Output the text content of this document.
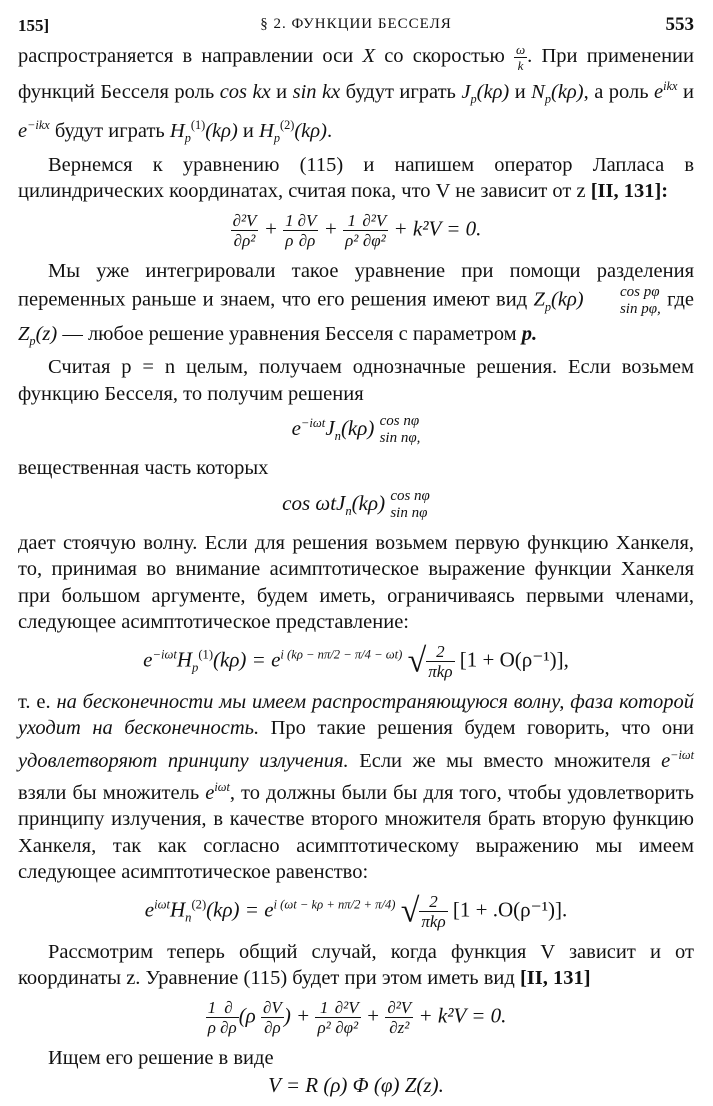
155]	§ 2. ФУНКЦИИ БЕССЕЛЯ	553

распространяется в направлении оси X со скоростью $\frac{\omega}{k}$ . При применении функций Бесселя роль cos kx и sin kx будут играть $J_p(k\rho)$ и $N_p(k\rho)$, а роль $e^{ikx}$ и $e^{-ikx}$ будут играть $H_p^{(1)}(k\rho)$ и $H_p^{(2)}(k\rho)$.

Вернемся к уравнению (115) и напишем оператор Лапласа в цилиндрических координатах, считая пока, что V не зависит от z [II, 131]:

$\frac{\text{∂²V}}{\text{∂ρ²}} + \frac{1}{\rho} \frac{\partial V}{\partial\rho} + \frac{1}{\text{ρ²}} \frac{\text{∂²V}}{\text{∂φ²}} + k^2V = 0$.

Мы уже интегрировали такое уравнение при помощи разделения переменных раньше и знаем, что его решения имеют вид $Z_p(k\rho)$	cos pφ
sin pφ, где $Z_p(z)$ — любое решение уравнения Бесселя с параметром p.

Считая p = n целым, получаем однозначные решения. Если возьмем функцию Бесселя, то получим решения

$e^{-i\omega t}J_n(k\rho)$ cos nφ
sin nφ,

вещественная часть которых

cos ωtJ$_n$(kρ) cos nφ
sin nφ

дает стоячую волну. Если для решения возьмем первую функцию Ханкеля, то, принимая во внимание асимптотическое выражение функции Ханкеля при большом аргументе, будем иметь, ограничиваясь первыми членами, следующее асимптотическое представление:

$e^{-i\omega t}H_p^{(1)}(k\rho) = e^{i (k\rho - n\pi/2 - \pi/4 - \omega t)}$ √ $\frac{2}{\text{πkρ}} [1 + O(\rho^{-1})]$,

т. е. на бесконечности мы имеем распространяющуюся волну, фаза которой уходит на бесконечность. Про такие решения будем говорить, что они удовлетворяют принципу излучения. Если же мы вместо множителя $e^{-i\omega t}$ взяли бы множитель $e^{i\omega t}$, то должны были бы для того, чтобы удовлетворить принципу излучения, в качестве второго множителя брать вторую функцию Ханкеля, так как согласно асимптотическому выражению мы имеем следующее асимптотическое равенство:

$e^{i\omega t}H_n^{(2)}(k\rho) = e^{i (\omega t - k\rho + n\pi/2 + \pi/4)}$ √ $\frac{2}{\text{πkρ}} [1 + .O(\rho^{-1})]$.

Рассмотрим теперь общий случай, когда функция V зависит и от координаты z. Уравнение (115) будет при этом иметь вид [II, 131]

$\frac{1}{\rho} \frac{\partial}{\partial\rho} (\rho \frac{\partial V}{\partial\rho}$ ) + $\frac{1}{\text{ρ²}} \frac{\text{∂²V}}{\text{∂φ²}} + \frac{\text{∂²V}}{\text{∂z²}} + k^2V = 0$.

Ищем его решение в виде

V = R (ρ) Φ (φ) Z(z).
